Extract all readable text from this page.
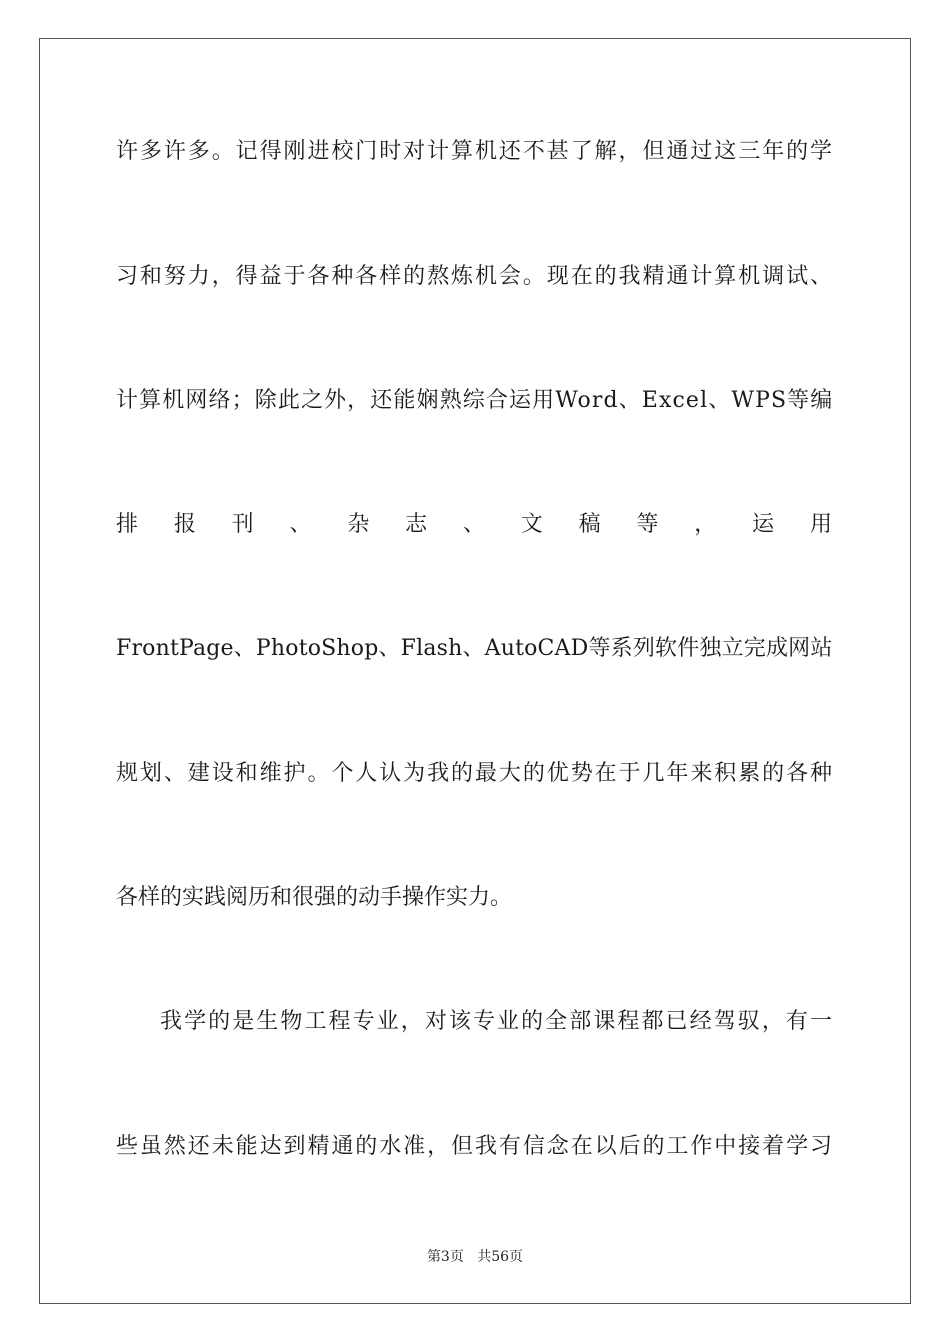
许多许多。记得刚进校门时对计算机还不甚了解，但通过这三年的学
习和努力，得益于各种各样的熬炼机会。现在的我精通计算机调试、
计算机网络；除此之外，还能娴熟综合运用Word、Excel、WPS等编
排 报 刊 、 杂 志 、 文 稿 等 ， 运 用
FrontPage、PhotoShop、Flash、AutoCAD等系列软件独立完成网站
规划、建设和维护。个人认为我的最大的优势在于几年来积累的各种
各样的实践阅历和很强的动手操作实力。
我学的是生物工程专业，对该专业的全部课程都已经驾驭，有一
些虽然还未能达到精通的水准，但我有信念在以后的工作中接着学习
第3页 共56页
